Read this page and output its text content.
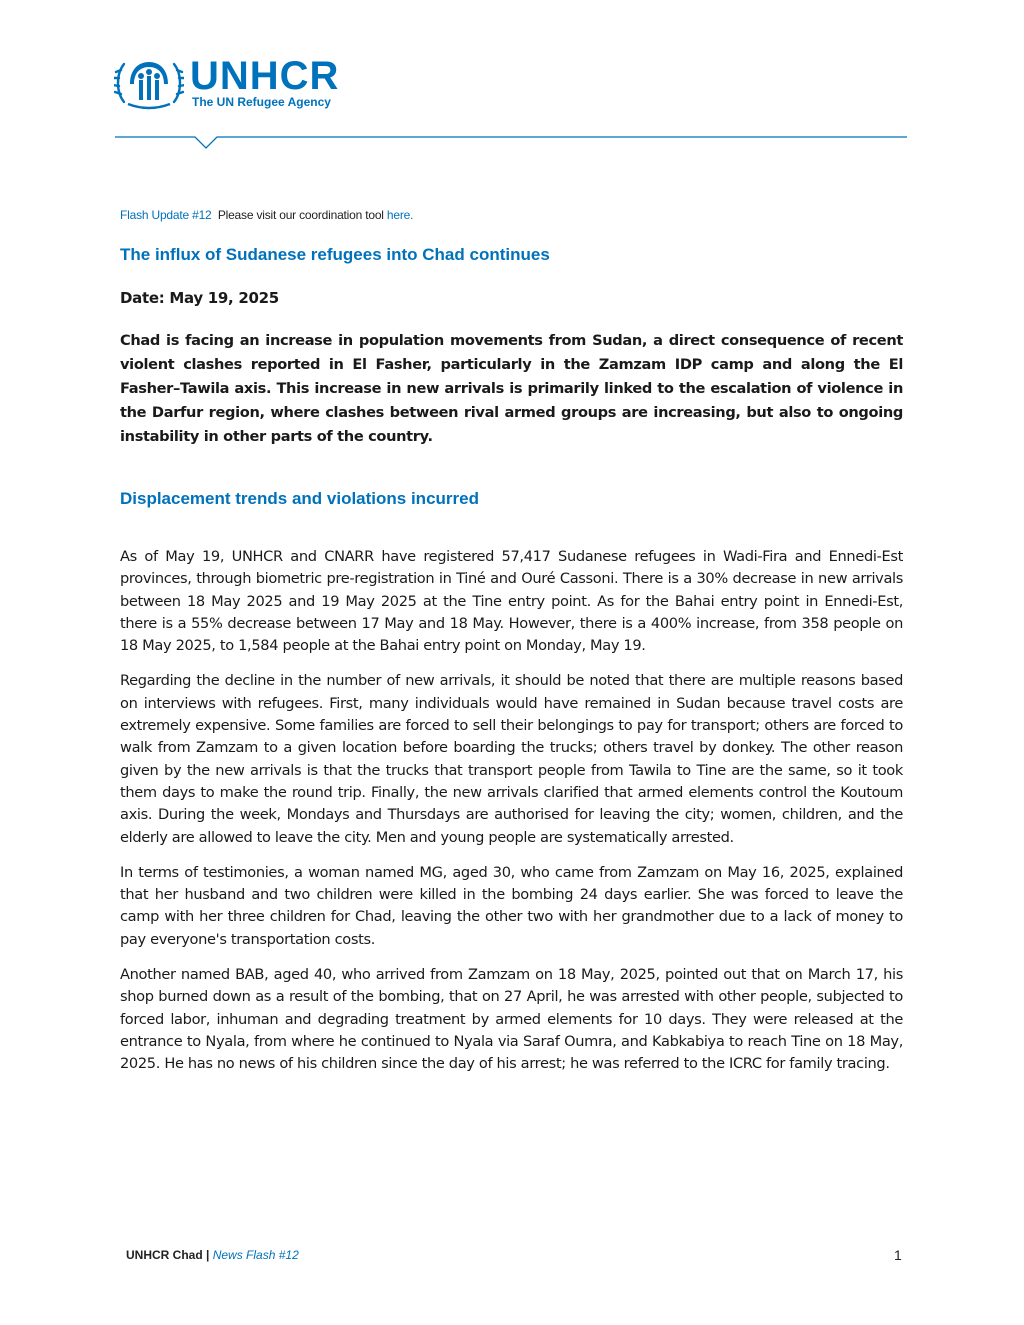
UNHCR
The UN Refugee Agency

Flash Update #12 Please visit our coordination tool here.

The influx of Sudanese refugees into Chad continues
Date: May 19, 2025

Chad is facing an increase in population movements from Sudan, a direct consequence of recent violent clashes reported in El Fasher, particularly in the Zamzam IDP camp and along the El Fasher–Tawila axis. This increase in new arrivals is primarily linked to the escalation of violence in the Darfur region, where clashes between rival armed groups are increasing, but also to ongoing instability in other parts of the country.

Displacement trends and violations incurred

As of May 19, UNHCR and CNARR have registered 57,417 Sudanese refugees in Wadi-Fira and Ennedi-Est provinces, through biometric pre-registration in Tiné and Ouré Cassoni. There is a 30% decrease in new arrivals between 18 May 2025 and 19 May 2025 at the Tine entry point. As for the Bahai entry point in Ennedi-Est, there is a 55% decrease between 17 May and 18 May. However, there is a 400% increase, from 358 people on 18 May 2025, to 1,584 people at the Bahai entry point on Monday, May 19.

Regarding the decline in the number of new arrivals, it should be noted that there are multiple reasons based on interviews with refugees. First, many individuals would have remained in Sudan because travel costs are extremely expensive. Some families are forced to sell their belongings to pay for transport; others are forced to walk from Zamzam to a given location before boarding the trucks; others travel by donkey. The other reason given by the new arrivals is that the trucks that transport people from Tawila to Tine are the same, so it took them days to make the round trip. Finally, the new arrivals clarified that armed elements control the Koutoum axis. During the week, Mondays and Thursdays are authorised for leaving the city; women, children, and the elderly are allowed to leave the city. Men and young people are systematically arrested.

In terms of testimonies, a woman named MG, aged 30, who came from Zamzam on May 16, 2025, explained that her husband and two children were killed in the bombing 24 days earlier. She was forced to leave the camp with her three children for Chad, leaving the other two with her grandmother due to a lack of money to pay everyone's transportation costs.

Another named BAB, aged 40, who arrived from Zamzam on 18 May, 2025, pointed out that on March 17, his shop burned down as a result of the bombing, that on 27 April, he was arrested with other people, subjected to forced labor, inhuman and degrading treatment by armed elements for 10 days. They were released at the entrance to Nyala, from where he continued to Nyala via Saraf Oumra, and Kabkabiya to reach Tine on 18 May, 2025. He has no news of his children since the day of his arrest; he was referred to the ICRC for family tracing.

UNHCR Chad | News Flash #12	1
